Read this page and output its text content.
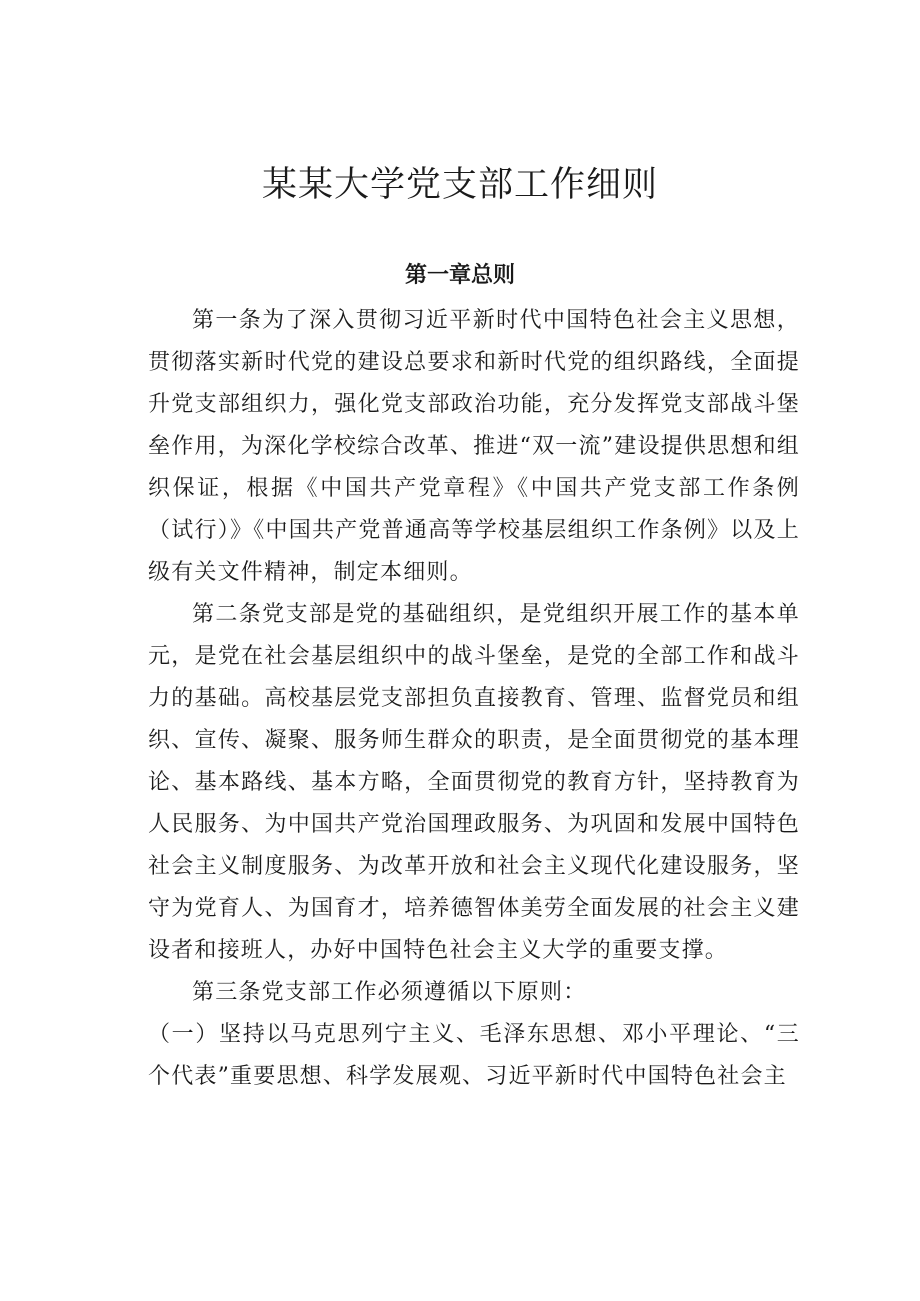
某某大学党支部工作细则
第一章总则

第一条为了深入贯彻习近平新时代中国特色社会主义思想，贯彻落实新时代党的建设总要求和新时代党的组织路线，全面提升党支部组织力，强化党支部政治功能，充分发挥党支部战斗堡垒作用，为深化学校综合改革、推进“双一流”建设提供思想和组织保证，根据《中国共产党章程》《中国共产党支部工作条例（试行）》《中国共产党普通高等学校基层组织工作条例》以及上级有关文件精神，制定本细则。

第二条党支部是党的基础组织，是党组织开展工作的基本单元，是党在社会基层组织中的战斗堡垒，是党的全部工作和战斗力的基础。高校基层党支部担负直接教育、管理、监督党员和组织、宣传、凝聚、服务师生群众的职责，是全面贯彻党的基本理论、基本路线、基本方略，全面贯彻党的教育方针，坚持教育为人民服务、为中国共产党治国理政服务、为巩固和发展中国特色社会主义制度服务、为改革开放和社会主义现代化建设服务，坚守为党育人、为国育才，培养德智体美劳全面发展的社会主义建设者和接班人，办好中国特色社会主义大学的重要支撑。

第三条党支部工作必须遵循以下原则：

（一）坚持以马克思列宁主义、毛泽东思想、邓小平理论、“三个代表”重要思想、科学发展观、习近平新时代中国特色社会主
